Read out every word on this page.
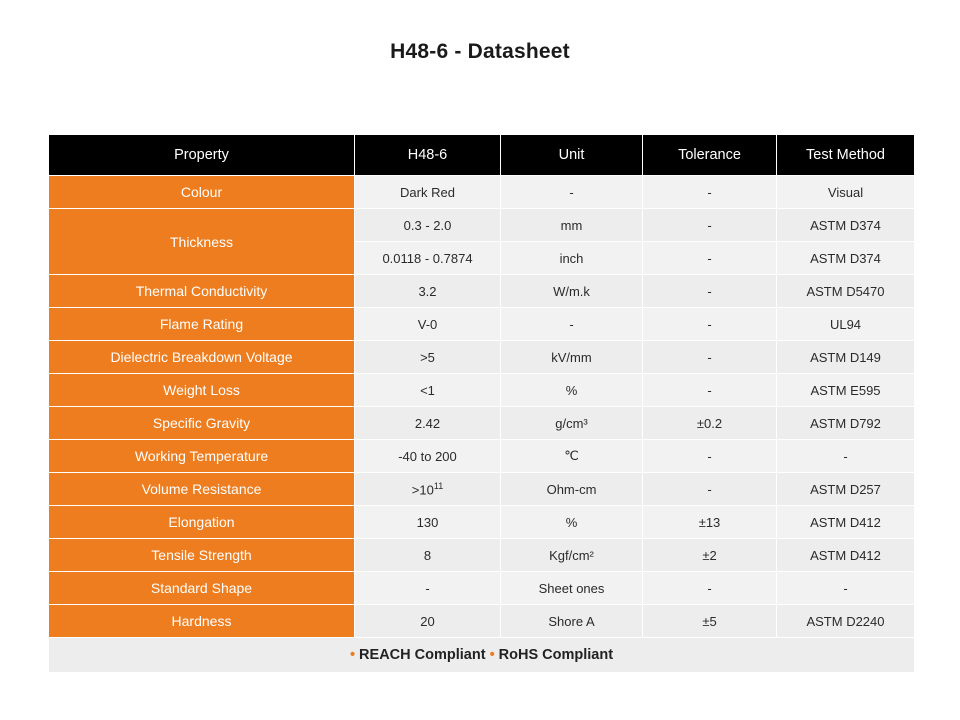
H48-6 - Datasheet
Property	H48-6	Unit	Tolerance	Test Method
Colour	Dark Red	-	-	Visual
Thickness	0.3 - 2.0	mm	-	ASTM D374
	0.0118 - 0.7874	inch	-	ASTM D374
Thermal Conductivity	3.2	W/m.k	-	ASTM D5470
Flame Rating	V-0	-	-	UL94
Dielectric Breakdown Voltage	>5	kV/mm	-	ASTM D149
Weight Loss	<1	%	-	ASTM E595
Specific Gravity	2.42	g/cm³	±0.2	ASTM D792
Working Temperature	-40 to 200	℃	-	-
Volume Resistance	$>10^{11}$	Ohm-cm	-	ASTM D257
Elongation	130	%	±13	ASTM D412
Tensile Strength	8	Kgf/cm²	±2	ASTM D412
Standard Shape	-	Sheet ones	-	-
Hardness	20	Shore A	±5	ASTM D2240
• REACH Compliant • RoHS Compliant				
